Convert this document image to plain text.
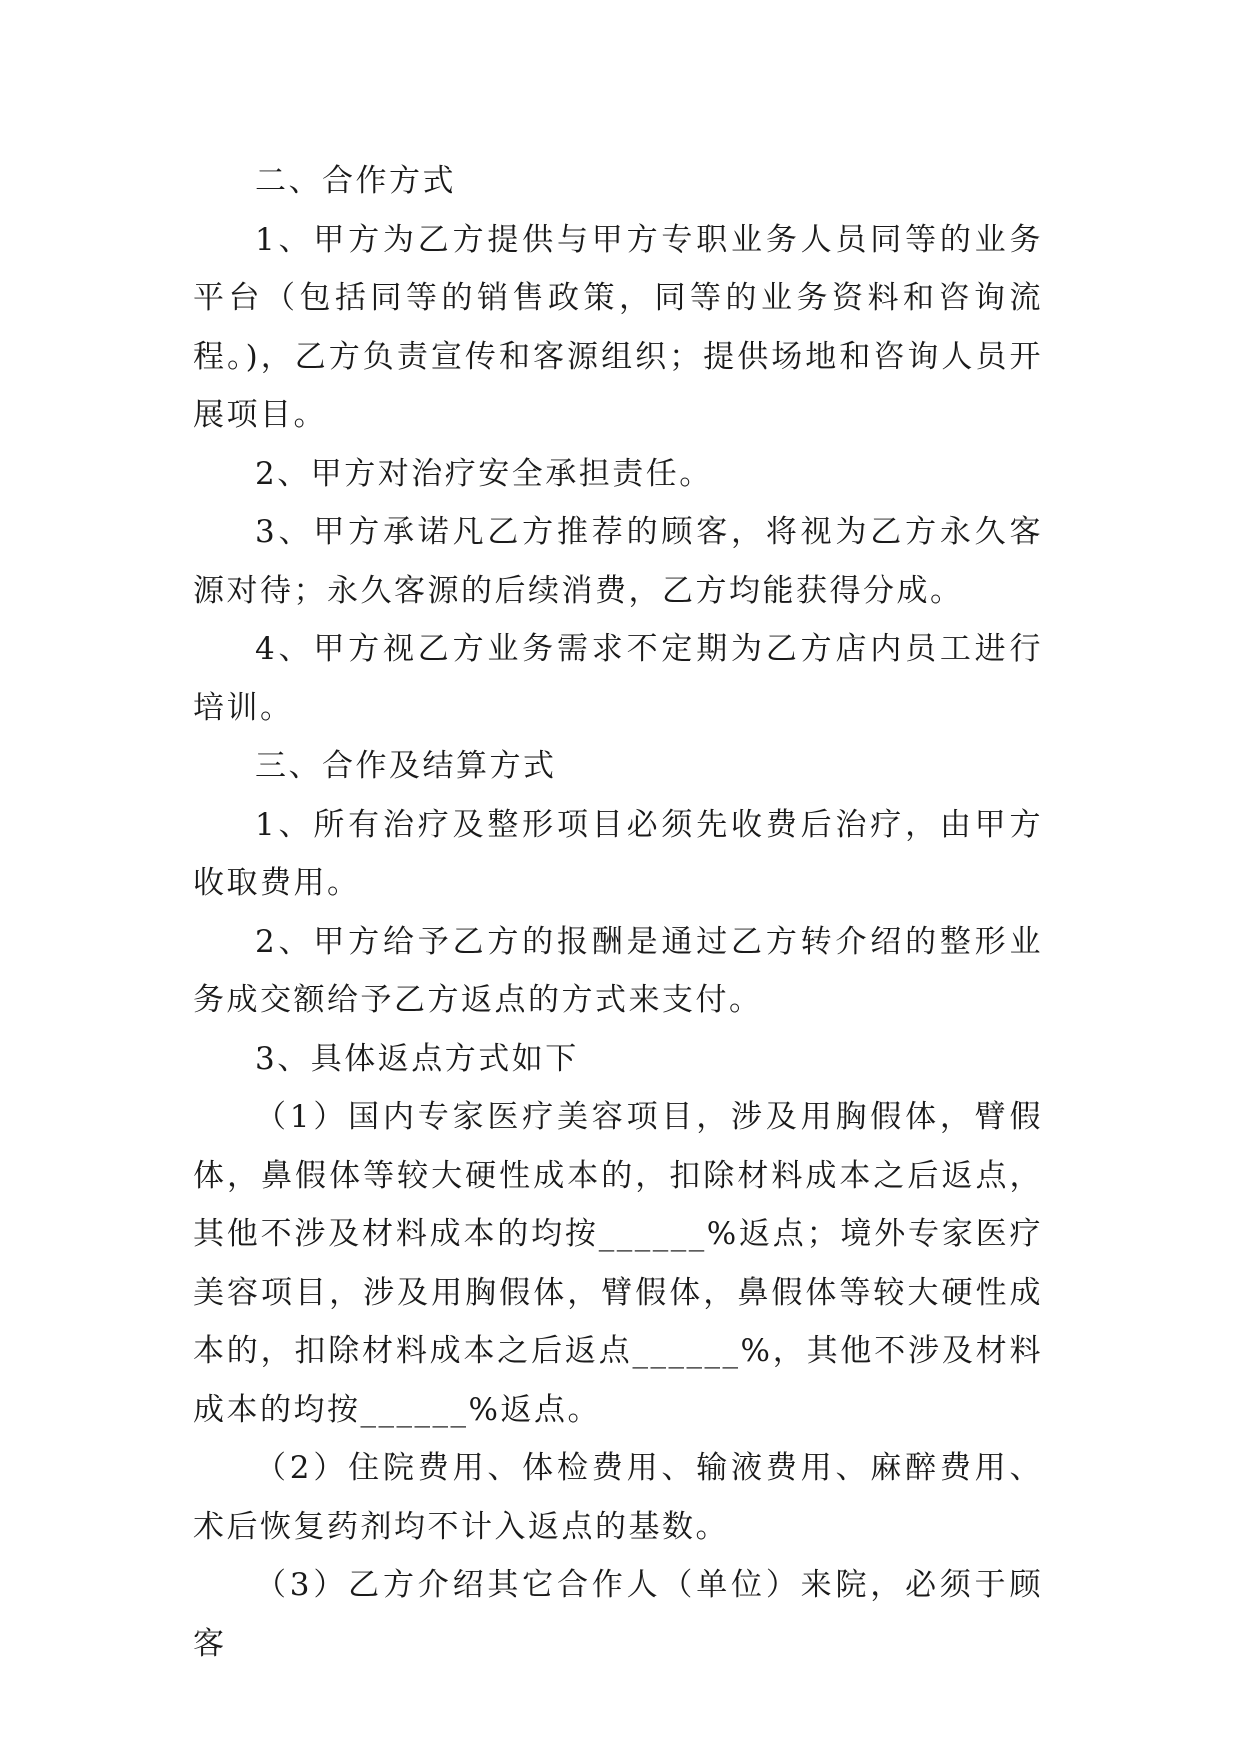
二、合作方式

1、甲方为乙方提供与甲方专职业务人员同等的业务平台（包括同等的销售政策，同等的业务资料和咨询流程。)，乙方负责宣传和客源组织；提供场地和咨询人员开展项目。

2、甲方对治疗安全承担责任。

3、甲方承诺凡乙方推荐的顾客，将视为乙方永久客源对待；永久客源的后续消费，乙方均能获得分成。

4、甲方视乙方业务需求不定期为乙方店内员工进行培训。

三、合作及结算方式

1、所有治疗及整形项目必须先收费后治疗，由甲方收取费用。

2、甲方给予乙方的报酬是通过乙方转介绍的整形业务成交额给予乙方返点的方式来支付。

3、具体返点方式如下

（1）国内专家医疗美容项目，涉及用胸假体，臂假体，鼻假体等较大硬性成本的，扣除材料成本之后返点，其他不涉及材料成本的均按______%返点；境外专家医疗美容项目，涉及用胸假体，臂假体，鼻假体等较大硬性成本的，扣除材料成本之后返点______%，其他不涉及材料成本的均按______%返点。

（2）住院费用、体检费用、输液费用、麻醉费用、术后恢复药剂均不计入返点的基数。

（3）乙方介绍其它合作人（单位）来院，必须于顾客
